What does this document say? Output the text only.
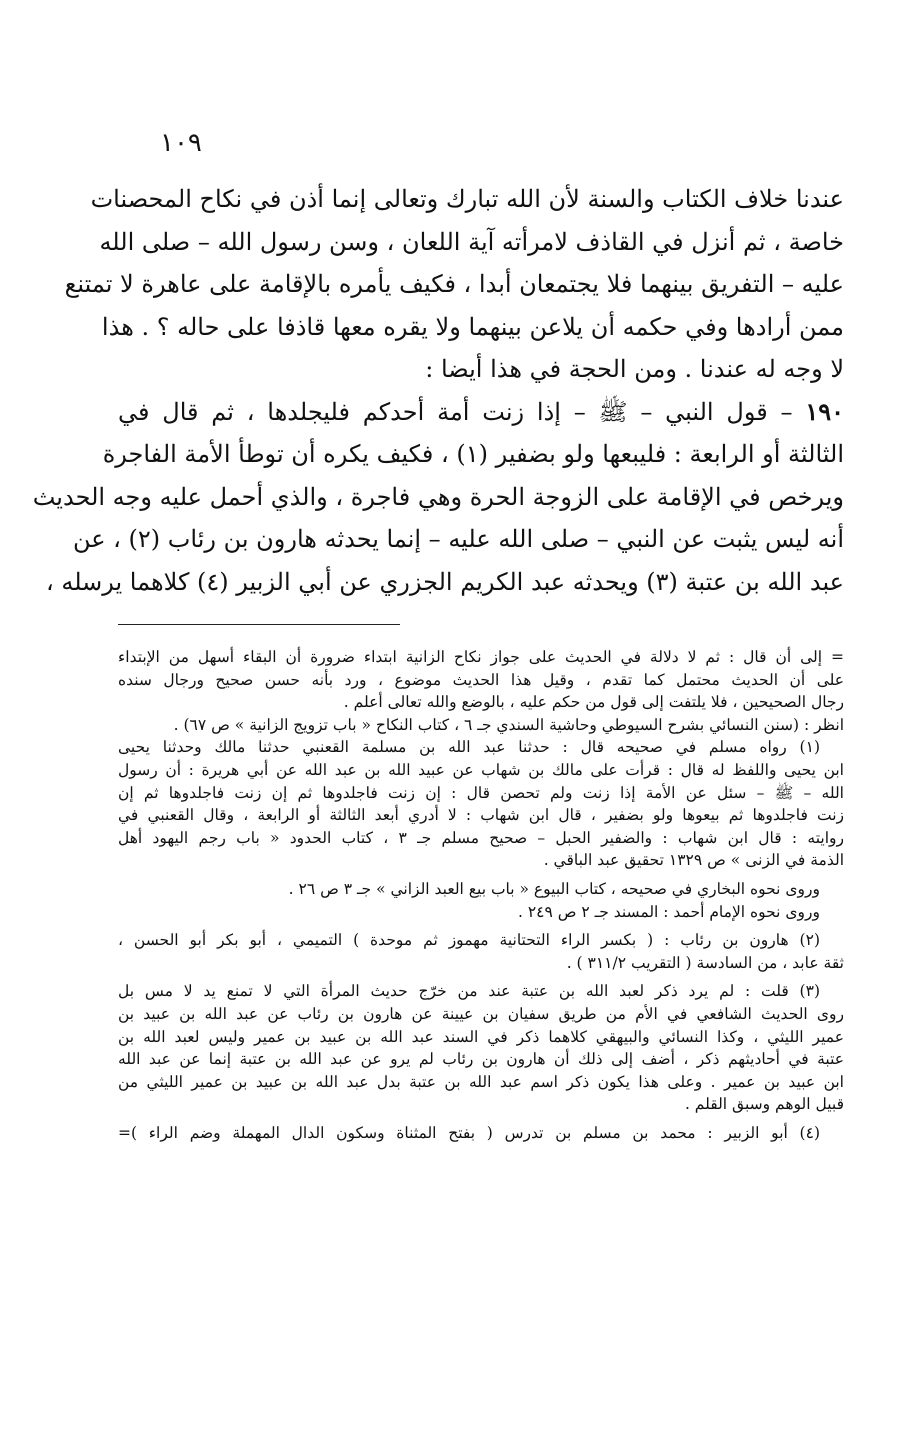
١٠٩
عندنا خلاف الكتاب والسنة لأن الله تبارك وتعالى إنما أذن في نكاح المحصنات
خاصة ، ثم أنزل في القاذف لامرأته آية اللعان ، وسن رسول الله – صلى الله
عليه – التفريق بينهما فلا يجتمعان أبدا ، فكيف يأمره بالإقامة على عاهرة لا تمتنع
ممن أرادها وفي حكمه أن يلاعن بينهما ولا يقره معها قاذفا على حاله ؟ . هذا
لا وجه له عندنا . ومن الحجة في هذا أيضا :
١٩٠ – قول النبي – ﷺ – إذا زنت أمة أحدكم فليجلدها ، ثم قال في
الثالثة أو الرابعة : فليبعها ولو بضفير (١) ، فكيف يكره أن توطأ الأمة الفاجرة
ويرخص في الإقامة على الزوجة الحرة وهي فاجرة ، والذي أحمل عليه وجه الحديث
أنه ليس يثبت عن النبي – صلى الله عليه – إنما يحدثه هارون بن رئاب (٢) ، عن
عبد الله بن عتبة (٣) ويحدثه عبد الكريم الجزري عن أبي الزبير (٤) كلاهما يرسله ،
= إلى أن قال : ثم لا دلالة في الحديث على جواز نكاح الزانية ابتداء ضرورة أن البقاء أسهل من الإبتداء
على أن الحديث محتمل كما تقدم ، وقيل هذا الحديث موضوع ، ورد بأنه حسن صحيح ورجال سنده
رجال الصحيحين ، فلا يلتفت إلى قول من حكم عليه ، بالوضع والله تعالى أعلم .
انظر : (سنن النسائي بشرح السيوطي وحاشية السندي جـ ٦ ، كتاب النكاح « باب تزويج الزانية » ص ٦٧) .
(١) رواه مسلم في صحيحه قال : حدثنا عبد الله بن مسلمة القعنبي حدثنا مالك وحدثنا يحيى
ابن يحيى واللفظ له قال : قرأت على مالك بن شهاب عن عبيد الله بن عبد الله عن أبي هريرة : أن رسول
الله – ﷺ – سئل عن الأمة إذا زنت ولم تحصن قال : إن زنت فاجلدوها ثم إن زنت فاجلدوها ثم إن
زنت فاجلدوها ثم بيعوها ولو بضفير ، قال ابن شهاب : لا أدري أبعد الثالثة أو الرابعة ، وقال القعنبي في
روايته : قال ابن شهاب : والضفير الحبل – صحيح مسلم جـ ٣ ، كتاب الحدود « باب رجم اليهود أهل
الذمة في الزنى » ص ١٣٢٩ تحقيق عبد الباقي .
وروى نحوه البخاري في صحيحه ، كتاب البيوع « باب بيع العبد الزاني » جـ ٣ ص ٢٦ .
وروى نحوه الإمام أحمد : المسند جـ ٢ ص ٢٤٩ .
(٢) هارون بن رئاب : ( بكسر الراء التحتانية مهموز ثم موحدة ) التميمي ، أبو بكر أبو الحسن ،
ثقة عابد ، من السادسة ( التقريب ٣١١/٢ ) .
(٣) قلت : لم يرد ذكر لعبد الله بن عتبة عند من خرّج حديث المرأة التي لا تمنع يد لا مس بل
روى الحديث الشافعي في الأم من طريق سفيان بن عيينة عن هارون بن رئاب عن عبد الله بن عبيد بن
عمير الليثي ، وكذا النسائي والبيهقي كلاهما ذكر في السند عبد الله بن عبيد بن عمير وليس لعبد الله بن
عتبة في أحاديثهم ذكر ، أضف إلى ذلك أن هارون بن رئاب لم يرو عن عبد الله بن عتبة إنما عن عبد الله
ابن عبيد بن عمير . وعلى هذا يكون ذكر اسم عبد الله بن عتبة بدل عبد الله بن عبيد بن عمير الليثي من
قبيل الوهم وسبق القلم .
(٤) أبو الزبير : محمد بن مسلم بن تدرس ( بفتح المثناة وسكون الدال المهملة وضم الراء )=
